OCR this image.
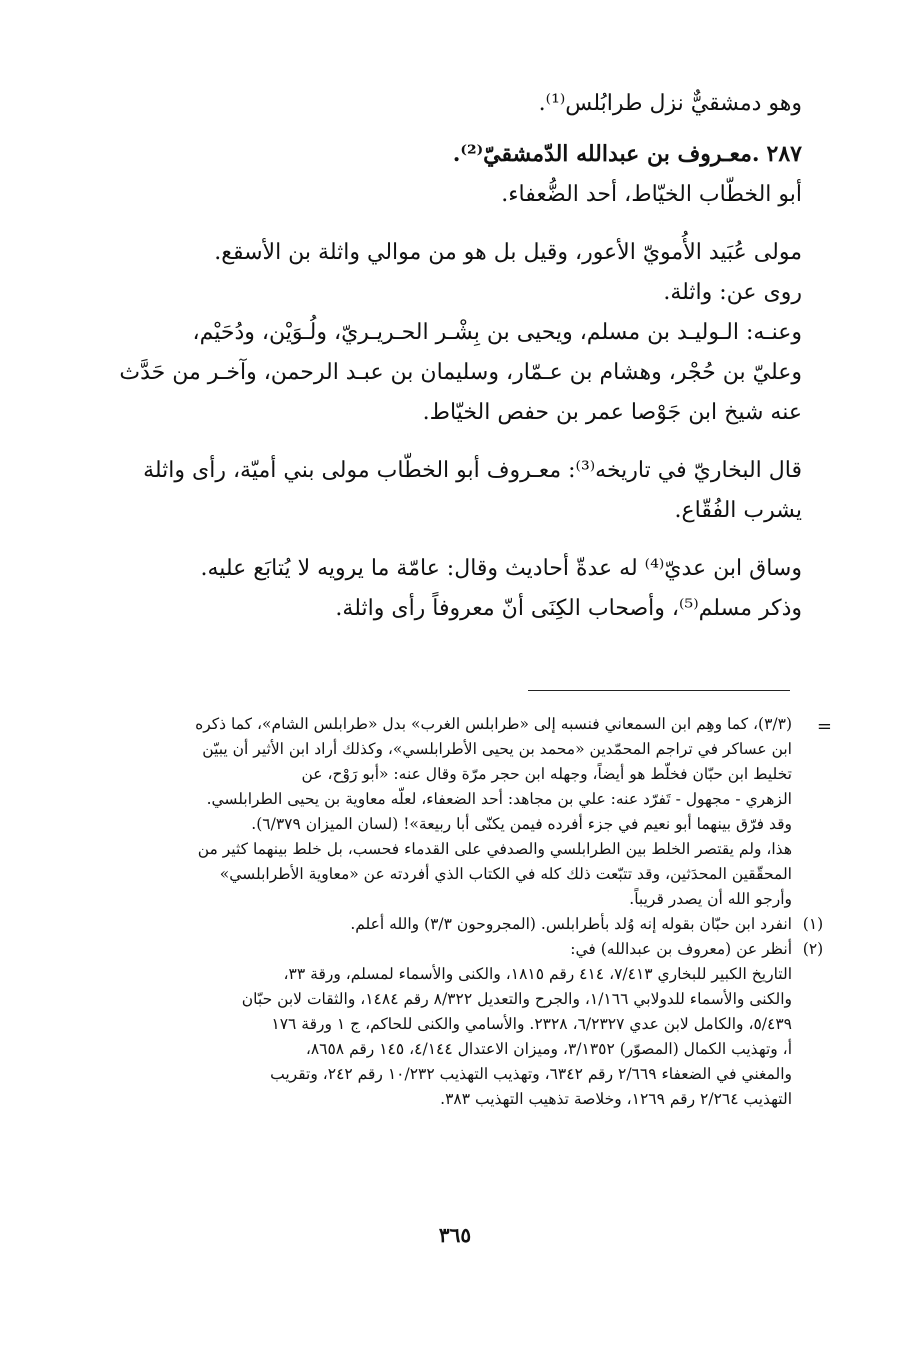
وهو دمشقيٌّ نزل طرابُلس⁽¹⁾.

٢٨٧ .معـروف بن عبدالله الدّمشقيّ⁽²⁾.
أبو الخطّاب الخيّاط، أحد الضُّعفاء.

مولى عُبَيد الأُمويّ الأعور، وقيل بل هو من موالي واثلة بن الأسقع.
روى عن: واثلة.
وعنـه: الـوليـد بن مسلم، ويحيى بن بِشْـر الحـريـريّ، ولُـوَيْن، ودُحَيْم،
وعليّ بن حُجْر، وهشام بن عـمّار، وسليمان بن عبـد الرحمن، وآخـر من حَدَّث
عنه شيخ ابن جَوْصا عمر بن حفص الخيّاط.

قال البخاريّ في تاريخه⁽³⁾: معـروف أبو الخطّاب مولى بني أميّة، رأى واثلة
يشرب الفُقّاع.

وساق ابن عديّ⁽⁴⁾ له عدةّ أحاديث وقال: عامّة ما يرويه لا يُتابَع عليه.
وذكر مسلم⁽⁵⁾، وأصحاب الكِنَى أنّ معروفاً رأى واثلة.

=
(٣/٣)، كما وهِم ابن السمعاني فنسبه إلى «طرابلس الغرب» بدل «طرابلس الشام»، كما ذكره
ابن عساكر في تراجم المحمّدين «محمد بن يحيى الأطرابلسي»، وكذلك أراد ابن الأثير أن يبيّن
تخليط ابن حبّان فخلّط هو أيضاً، وجهله ابن حجر مرّة وقال عنه: «أبو رَوْح، عن
الزهري - مجهول - تَفرّد عنه: علي بن مجاهد: أحد الضعفاء، لعلّه معاوية بن يحيى الطرابلسي.
وقد فرّق بينهما أبو نعيم في جزء أفرده فيمن يكنّى أبا ربيعة»! (لسان الميزان ٦/٣٧٩).
هذا، ولم يقتصر الخلط بين الطرابلسي والصدفي على القدماء فحسب، بل خلط بينهما كثير من
المحقّقين المحدَثين، وقد تتبّعت ذلك كله في الكتاب الذي أفردته عن «معاوية الأطرابلسي»
وأرجو الله أن يصدر قريباً.
(١)
انفرد ابن حبّان بقوله إنه وُلد بأطرابلس. (المجروحون ٣/٣) والله أعلم.
(٢)
أنظر عن (معروف بن عبدالله) في:
التاريخ الكبير للبخاري ٧/٤١٣، ٤١٤ رقم ١٨١٥، والكنى والأسماء لمسلم، ورقة ٣٣،
والكنى والأسماء للدولابي ١/١٦٦، والجرح والتعديل ٨/٣٢٢ رقم ١٤٨٤، والثقات لابن حبّان
٥/٤٣٩، والكامل لابن عدي ٦/٢٣٢٧، ٢٣٢٨. والأسامي والكنى للحاكم، ج ١ ورقة ١٧٦
أ، وتهذيب الكمال (المصوّر) ٣/١٣٥٢، وميزان الاعتدال ٤/١٤٤، ١٤٥ رقم ٨٦٥٨،
والمغني في الضعفاء ٢/٦٦٩ رقم ٦٣٤٢، وتهذيب التهذيب ١٠/٢٣٢ رقم ٢٤٢، وتقريب
التهذيب ٢/٢٦٤ رقم ١٢٦٩، وخلاصة تذهيب التهذيب ٣٨٣.
٣٦٥
